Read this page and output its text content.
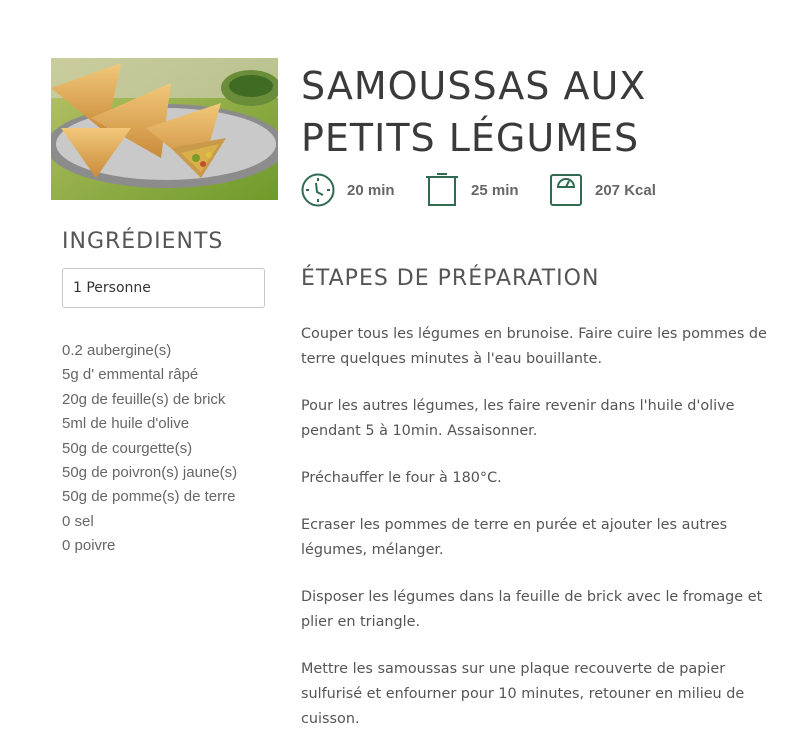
SAMOUSSAS AUX
PETITS LÉGUMES
20 min	25 min	207 Kcal
INGRÉDIENTS
1 Personne
0.2 aubergine(s)
5g d' emmental râpé
20g de feuille(s) de brick
5ml de huile d'olive
50g de courgette(s)
50g de poivron(s) jaune(s)
50g de pomme(s) de terre
0 sel
0 poivre
ÉTAPES DE PRÉPARATION

Couper tous les légumes en brunoise. Faire cuire les pommes de terre quelques minutes à l'eau bouillante.

Pour les autres légumes, les faire revenir dans l'huile d'olive pendant 5 à 10min. Assaisonner.

Préchauffer le four à 180°C.

Ecraser les pommes de terre en purée et ajouter les autres légumes, mélanger.

Disposer les légumes dans la feuille de brick avec le fromage et plier en triangle.

Mettre les samoussas sur une plaque recouverte de papier sulfurisé et enfourner pour 10 minutes, retouner en milieu de cuisson.
